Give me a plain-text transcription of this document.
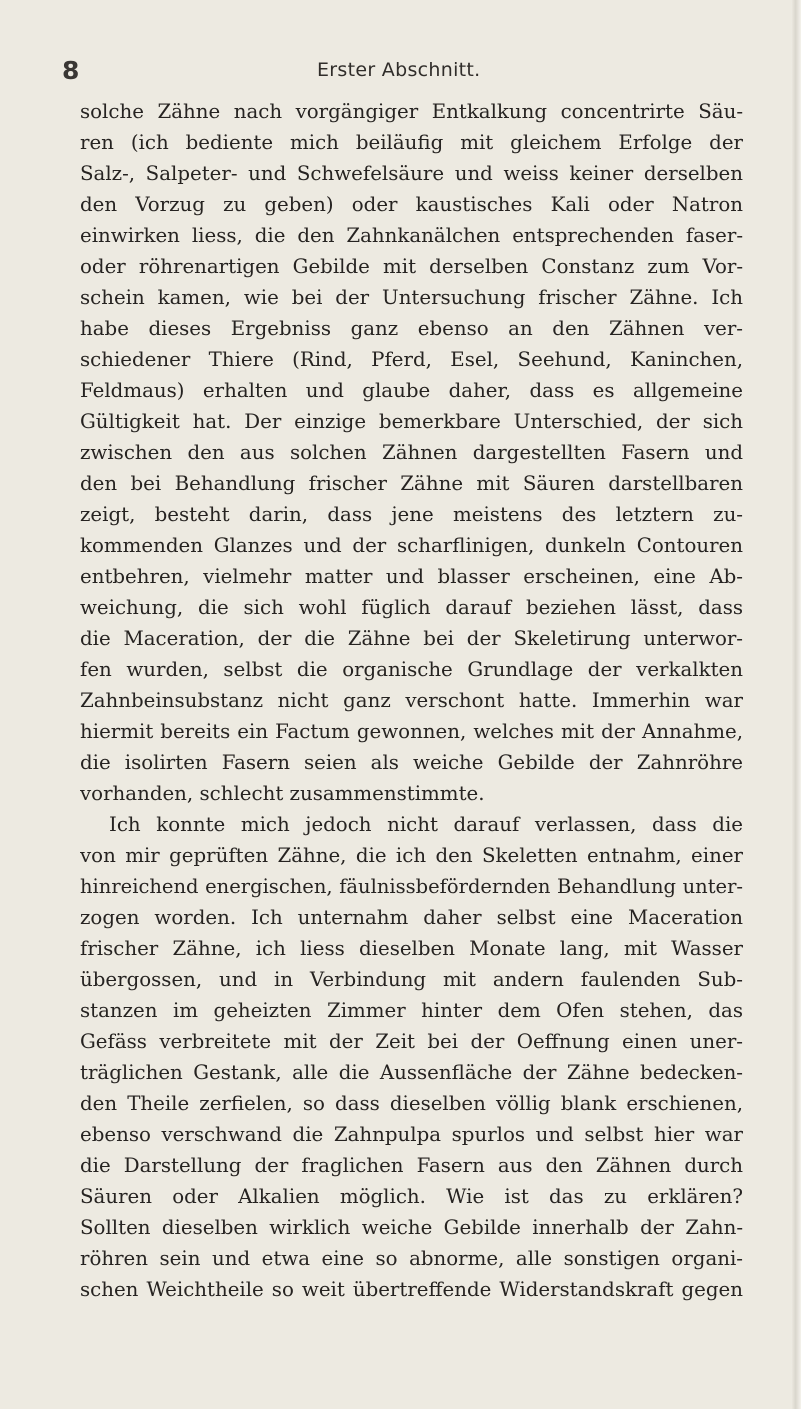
8	Erster Abschnitt.
solche Zähne nach vorgängiger Entkalkung concentrirte Säu-
ren (ich bediente mich beiläufig mit gleichem Erfolge der
Salz-, Salpeter- und Schwefelsäure und weiss keiner derselben
den Vorzug zu geben) oder kaustisches Kali oder Natron
einwirken liess, die den Zahnkanälchen entsprechenden faser-
oder röhrenartigen Gebilde mit derselben Constanz zum Vor-
schein kamen, wie bei der Untersuchung frischer Zähne. Ich
habe dieses Ergebniss ganz ebenso an den Zähnen ver-
schiedener Thiere (Rind, Pferd, Esel, Seehund, Kaninchen,
Feldmaus) erhalten und glaube daher, dass es allgemeine
Gültigkeit hat. Der einzige bemerkbare Unterschied, der sich
zwischen den aus solchen Zähnen dargestellten Fasern und
den bei Behandlung frischer Zähne mit Säuren darstellbaren
zeigt, besteht darin, dass jene meistens des letztern zu-
kommenden Glanzes und der scharflinigen, dunkeln Contouren
entbehren, vielmehr matter und blasser erscheinen, eine Ab-
weichung, die sich wohl füglich darauf beziehen lässt, dass
die Maceration, der die Zähne bei der Skeletirung unterwor-
fen wurden, selbst die organische Grundlage der verkalkten
Zahnbeinsubstanz nicht ganz verschont hatte. Immerhin war
hiermit bereits ein Factum gewonnen, welches mit der Annahme,
die isolirten Fasern seien als weiche Gebilde der Zahnröhre
vorhanden, schlecht zusammenstimmte.
Ich konnte mich jedoch nicht darauf verlassen, dass die
von mir geprüften Zähne, die ich den Skeletten entnahm, einer
hinreichend energischen, fäulnissbefördernden Behandlung unter-
zogen worden. Ich unternahm daher selbst eine Maceration
frischer Zähne, ich liess dieselben Monate lang, mit Wasser
übergossen, und in Verbindung mit andern faulenden Sub-
stanzen im geheizten Zimmer hinter dem Ofen stehen, das
Gefäss verbreitete mit der Zeit bei der Oeffnung einen uner-
träglichen Gestank, alle die Aussenfläche der Zähne bedecken-
den Theile zerfielen, so dass dieselben völlig blank erschienen,
ebenso verschwand die Zahnpulpa spurlos und selbst hier war
die Darstellung der fraglichen Fasern aus den Zähnen durch
Säuren oder Alkalien möglich. Wie ist das zu erklären?
Sollten dieselben wirklich weiche Gebilde innerhalb der Zahn-
röhren sein und etwa eine so abnorme, alle sonstigen organi-
schen Weichtheile so weit übertreffende Widerstandskraft gegen
